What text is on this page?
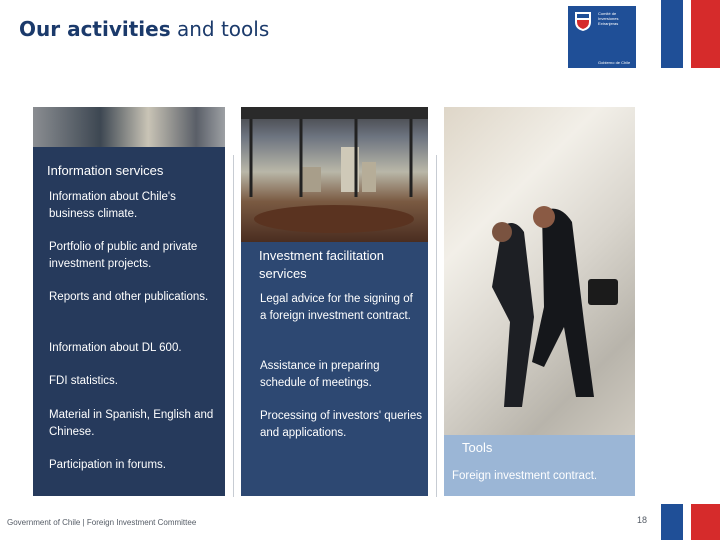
Our activities and tools
Comité de
Inversiones
Extranjeras
Gobierno de Chile
Information services
Information about Chile's business climate.
Portfolio of public and private investment projects.
Reports and other publications.
Information about DL 600.
FDI statistics.
Material in Spanish, English and Chinese.
Participation in forums.
Investment facilitation services
Legal advice for the signing of a foreign investment contract.
Assistance in preparing schedule of meetings.
Processing of investors' queries and applications.
Tools
Foreign investment contract.
Government of Chile | Foreign Investment Committee	18
